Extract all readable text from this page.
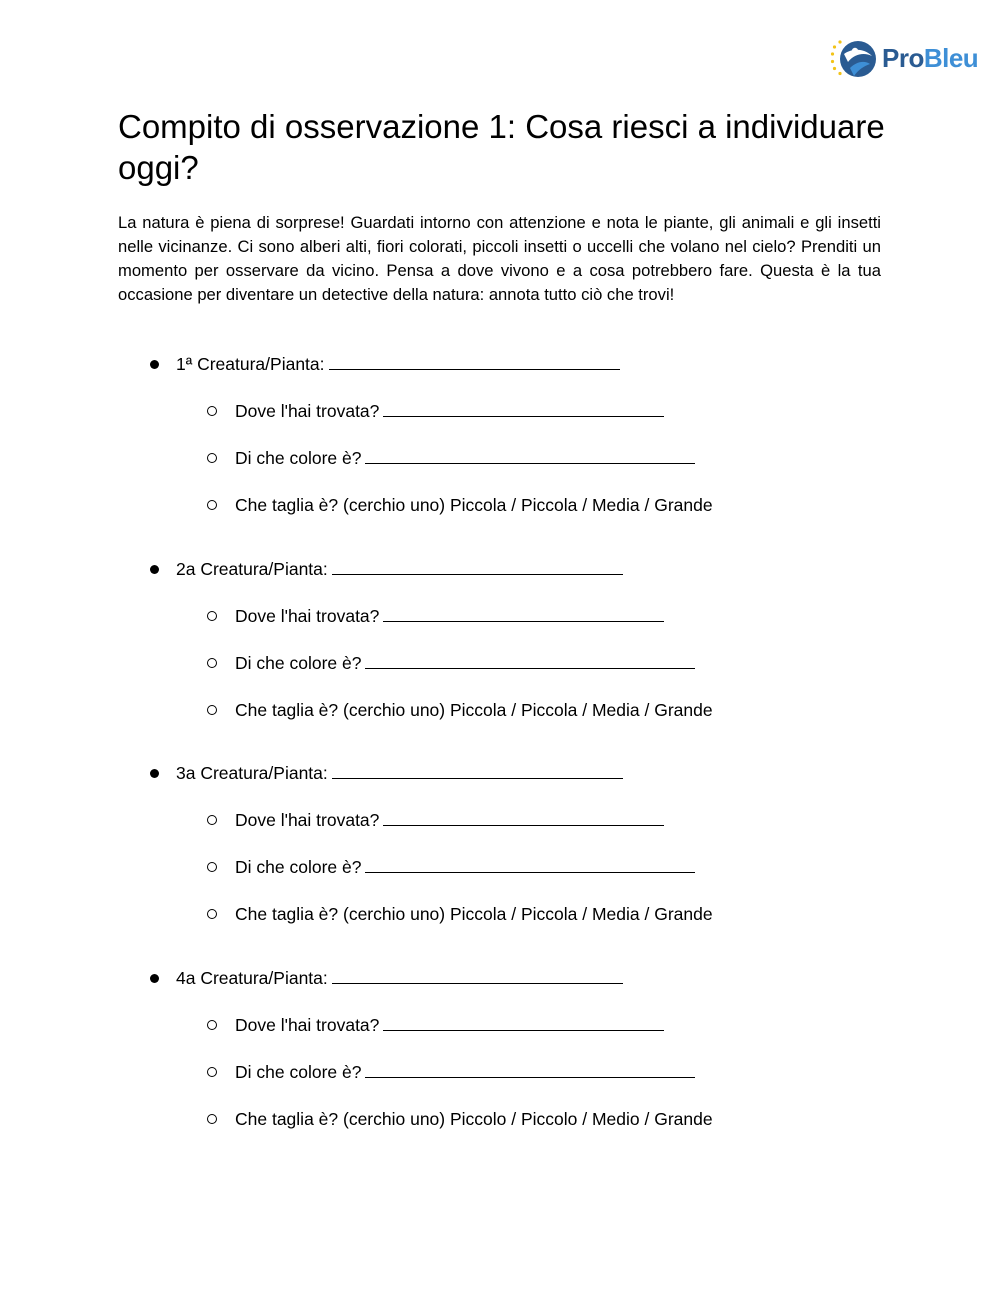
ProBleu
Compito di osservazione 1: Cosa riesci a individuare oggi?

La natura è piena di sorprese! Guardati intorno con attenzione e nota le piante, gli animali e gli insetti nelle vicinanze. Ci sono alberi alti, fiori colorati, piccoli insetti o uccelli che volano nel cielo? Prenditi un momento per osservare da vicino. Pensa a dove vivono e a cosa potrebbero fare. Questa è la tua occasione per diventare un detective della natura: annota tutto ciò che trovi!

1ª Creatura/Pianta:
Dove l'hai trovata?
Di che colore è?
Che taglia è? (cerchio uno) Piccola / Piccola / Media / Grande
2a Creatura/Pianta:
Dove l'hai trovata?
Di che colore è?
Che taglia è? (cerchio uno) Piccola / Piccola / Media / Grande
3a Creatura/Pianta:
Dove l'hai trovata?
Di che colore è?
Che taglia è? (cerchio uno) Piccola / Piccola / Media / Grande
4a Creatura/Pianta:
Dove l'hai trovata?
Di che colore è?
Che taglia è? (cerchio uno) Piccolo / Piccolo / Medio / Grande
